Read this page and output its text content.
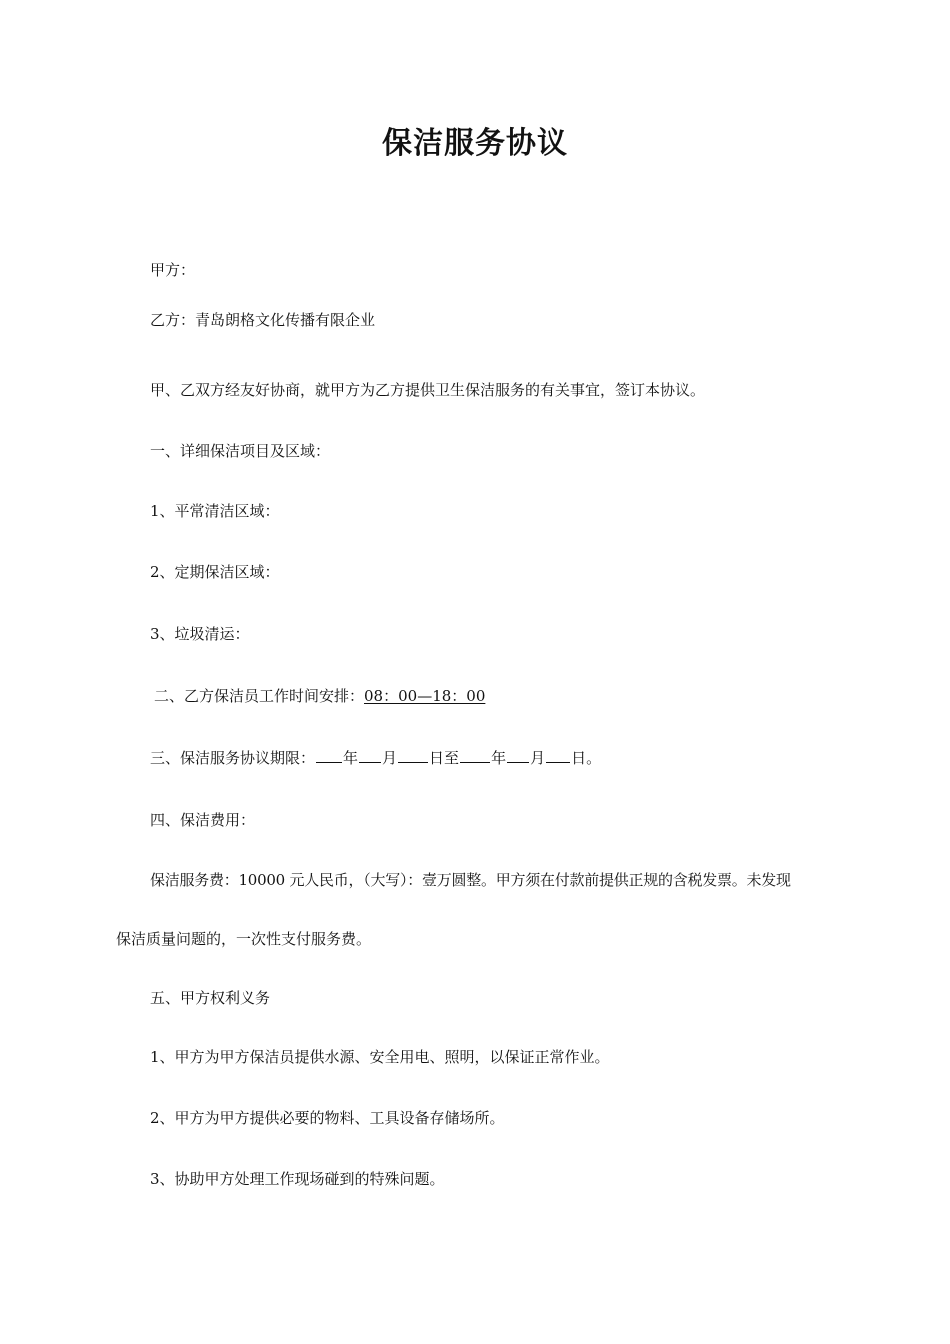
保洁服务协议

甲方：

乙方：青岛朗格文化传播有限企业

甲、乙双方经友好协商，就甲方为乙方提供卫生保洁服务的有关事宜，签订本协议。

一、详细保洁项目及区域：

1、平常清洁区域：

2、定期保洁区域：

3、垃圾清运：

二、乙方保洁员工作时间安排：08：00—18：00

三、保洁服务协议期限： 年 月 日至 年 月 日。

四、保洁费用：

保洁服务费：10000 元人民币，（大写）：壹万圆整。甲方须在付款前提供正规的含税发票。未发现

保洁质量问题的，一次性支付服务费。

五、甲方权利义务

1、甲方为甲方保洁员提供水源、安全用电、照明，以保证正常作业。

2、甲方为甲方提供必要的物料、工具设备存储场所。

3、协助甲方处理工作现场碰到的特殊问题。
